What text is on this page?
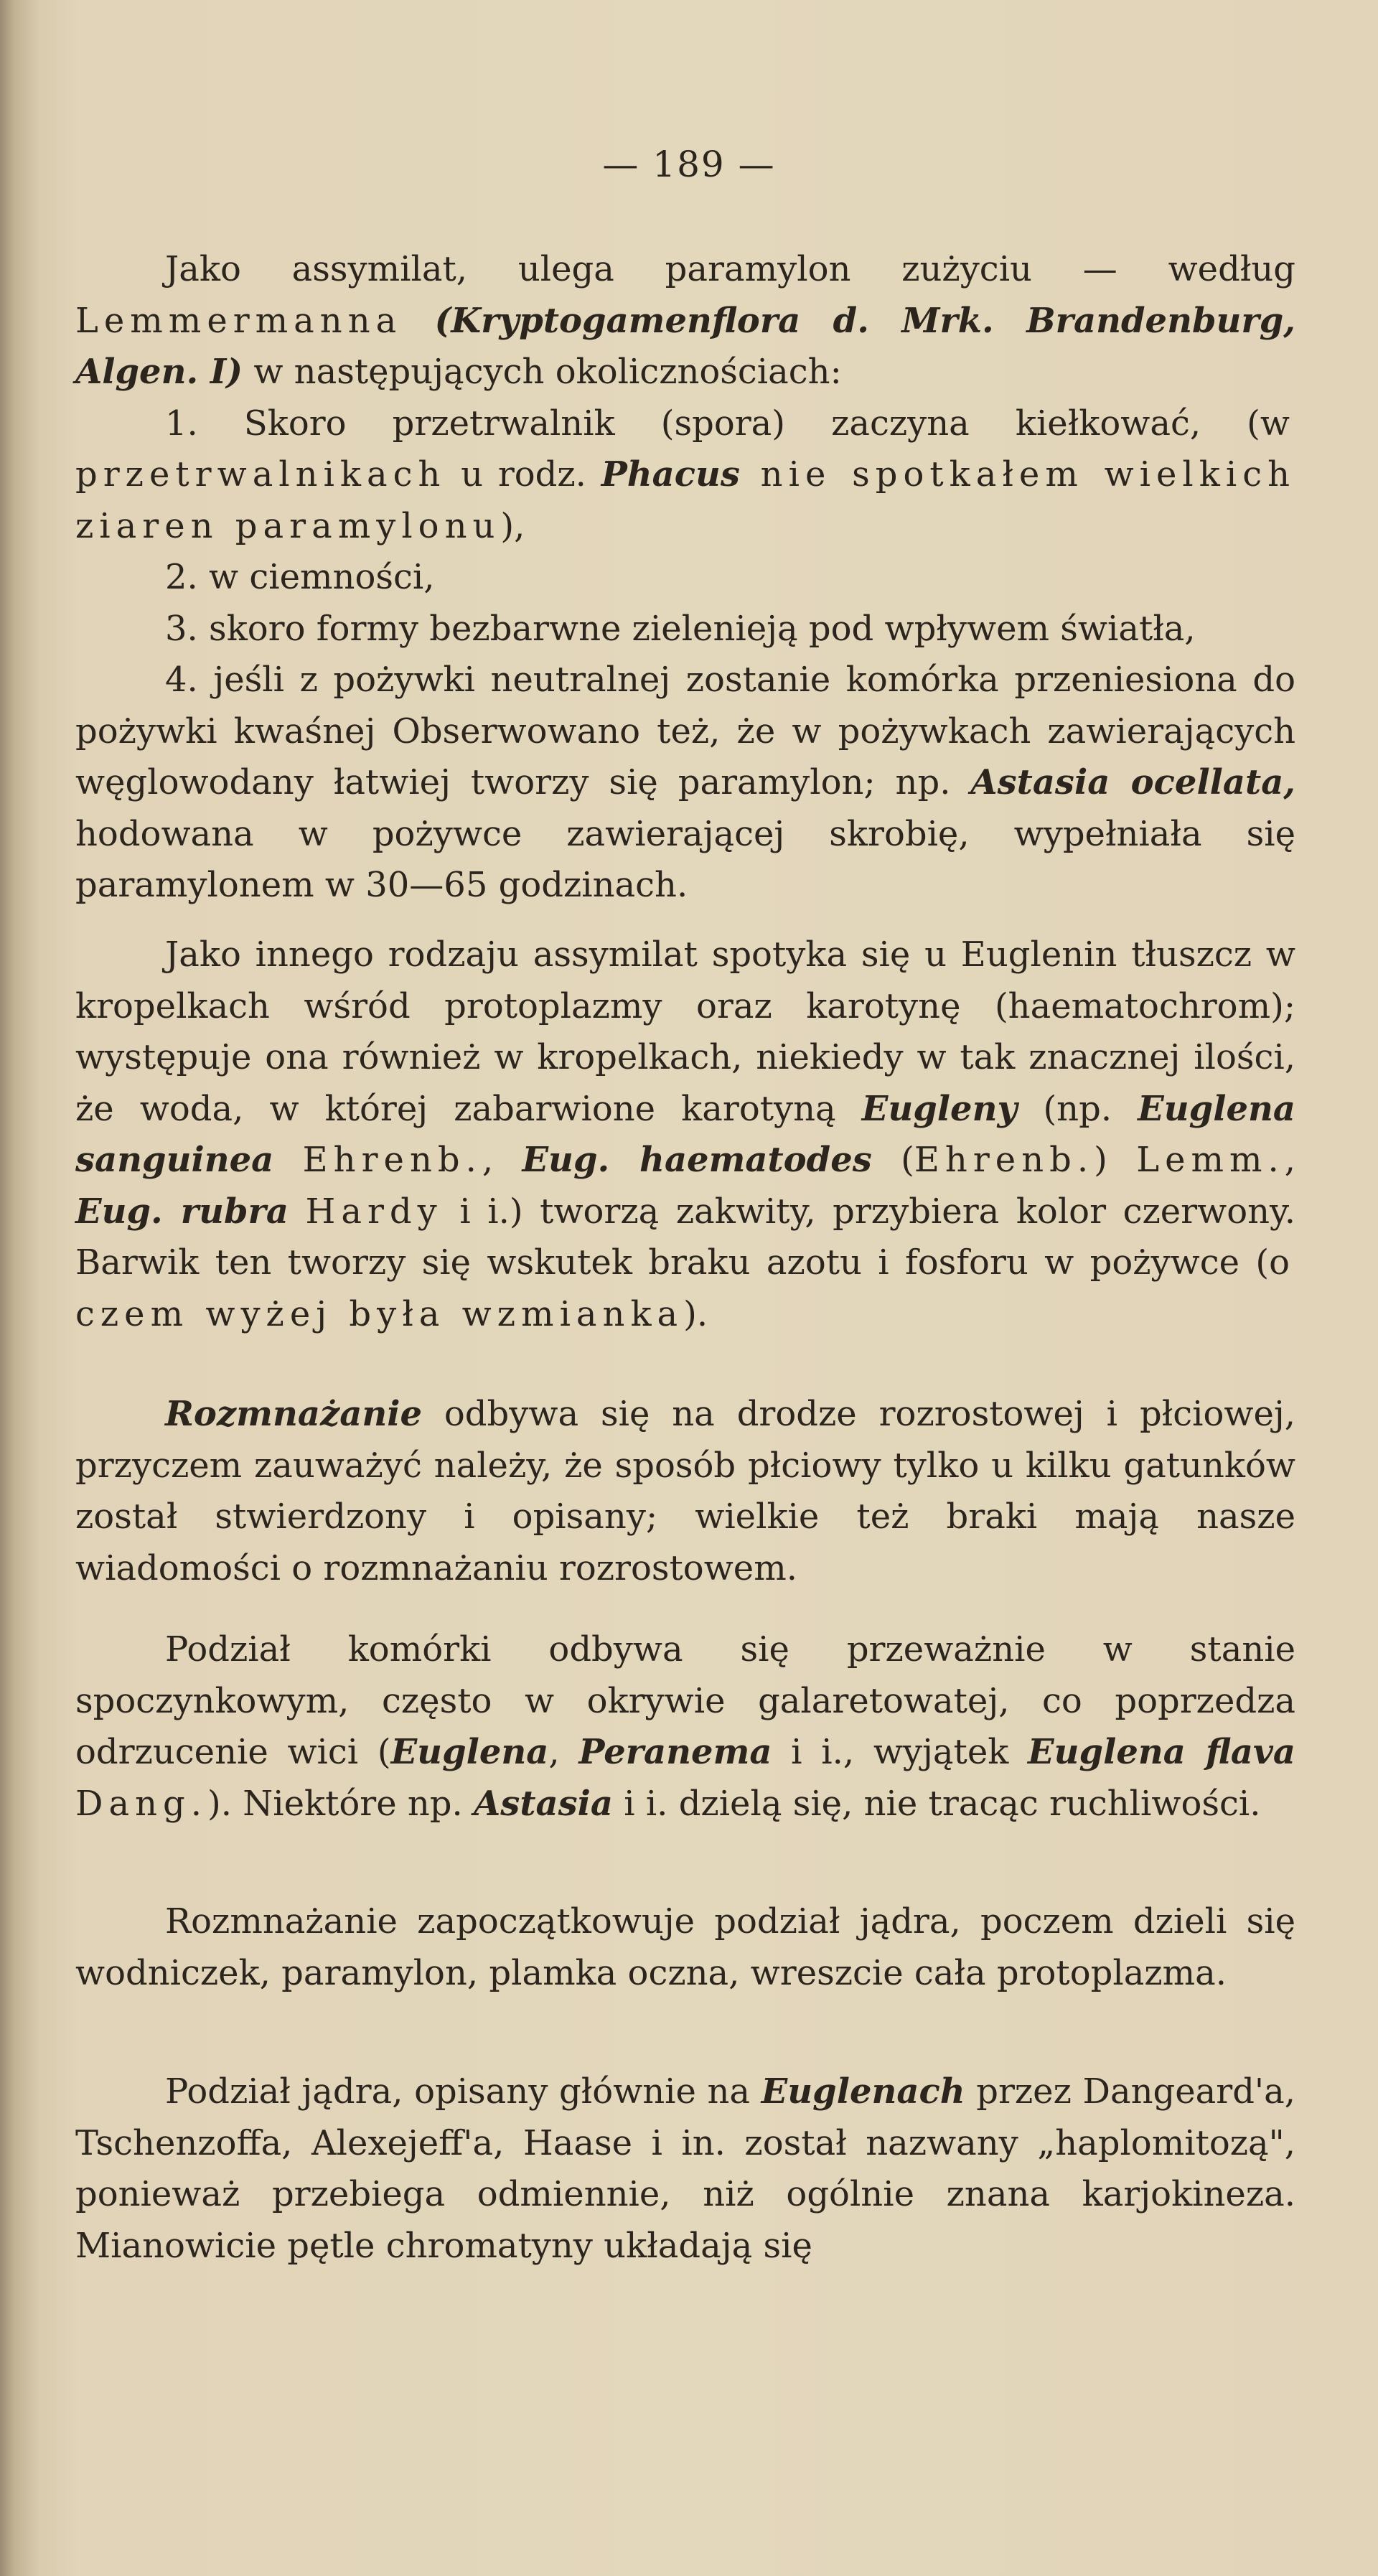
— 189 —

Jako assymilat, ulega paramylon zużyciu — według Lemmermanna (Kryptogamenflora d. Mrk. Brandenburg, Algen. I) w następujących okolicznościach:
1. Skoro przetrwalnik (spora) zaczyna kiełkować, (w przetrwalnikach u rodz. Phacus nie spotkałem wielkich ziaren paramylonu),
2. w ciemności,
3. skoro formy bezbarwne zielenieją pod wpływem światła,
4. jeśli z pożywki neutralnej zostanie komórka przeniesiona do pożywki kwaśnej Obserwowano też, że w pożywkach zawierających węglowodany łatwiej tworzy się paramylon; np. Astasia ocellata, hodowana w pożywce zawierającej skrobię, wypełniała się paramylonem w 30—65 godzinach.

Jako innego rodzaju assymilat spotyka się u Euglenin tłuszcz w kropelkach wśród protoplazmy oraz karotynę (haematochrom); występuje ona również w kropelkach, niekiedy w tak znacznej ilości, że woda, w której zabarwione karotyną Eugleny (np. Euglena sanguinea Ehrenb., Eug. haematodes (Ehrenb.) Lemm., Eug. rubra Hardy i i.) tworzą zakwity, przybiera kolor czerwony. Barwik ten tworzy się wskutek braku azotu i fosforu w pożywce (o czem wyżej była wzmianka).

Rozmnażanie odbywa się na drodze rozrostowej i płciowej, przyczem zauważyć należy, że sposób płciowy tylko u kilku gatunków został stwierdzony i opisany; wielkie też braki mają nasze wiadomości o rozmnażaniu rozrostowem.

Podział komórki odbywa się przeważnie w stanie spoczynkowym, często w okrywie galaretowatej, co poprzedza odrzucenie wici (Euglena, Peranema i i., wyjątek Euglena flava Dang.). Niektóre np. Astasia i i. dzielą się, nie tracąc ruchliwości.

Rozmnażanie zapoczątkowuje podział jądra, poczem dzieli się wodniczek, paramylon, plamka oczna, wreszcie cała protoplazma.

Podział jądra, opisany głównie na Euglenach przez Dangeard'a, Tschenzoffa, Alexejeff'a, Haase i in. został nazwany „haplomitozą", ponieważ przebiega odmiennie, niż ogólnie znana karjokineza. Mianowicie pętle chromatyny układają się
